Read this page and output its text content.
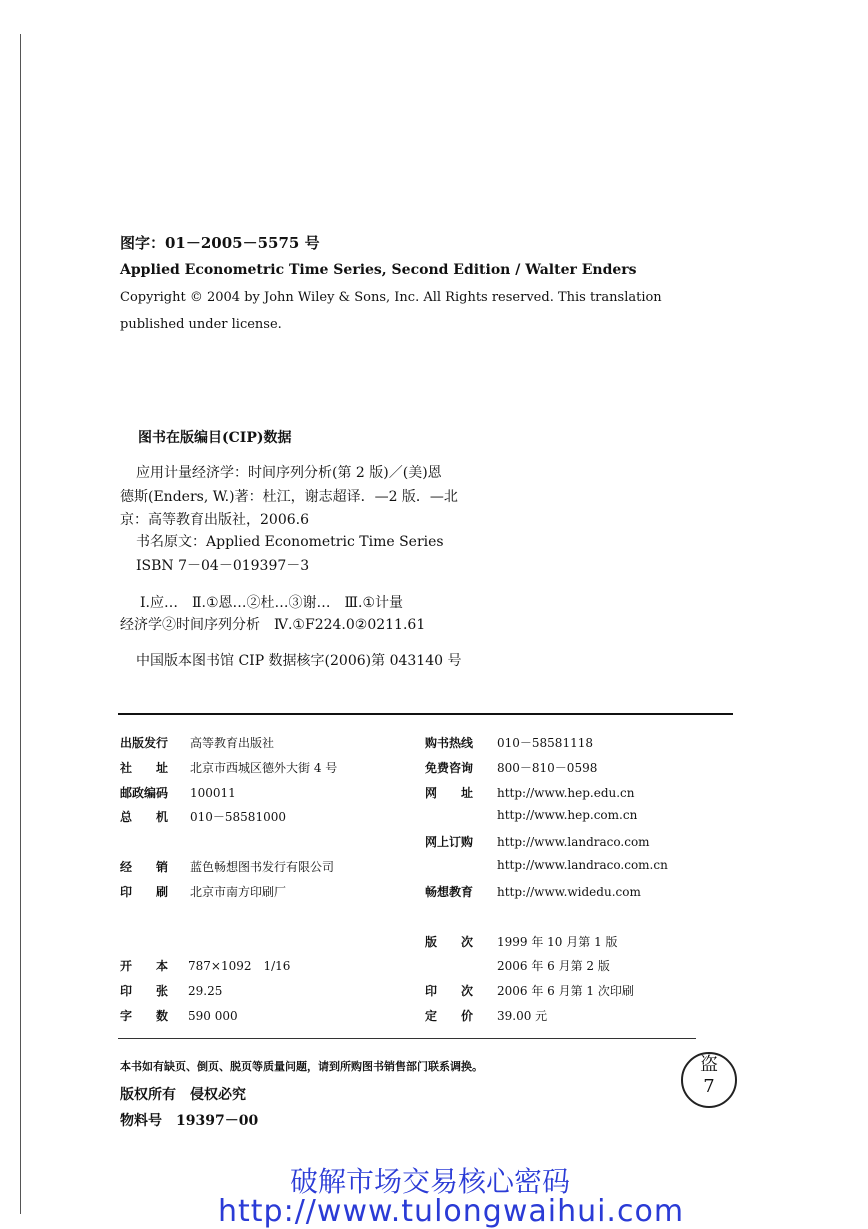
图字：01－2005－5575 号
Applied Econometric Time Series, Second Edition / Walter Enders
Copyright © 2004 by John Wiley & Sons, Inc. All Rights reserved. This translation
published under license.
图书在版编目(CIP)数据
应用计量经济学：时间序列分析(第 2 版)／(美)恩
德斯(Enders, W.)著：杜江，谢志超译．—2 版．—北
京：高等教育出版社，2006.6
书名原文：Applied Econometric Time Series
ISBN 7－04－019397－3
Ⅰ.应…　Ⅱ.①恩…②杜…③谢…　Ⅲ.①计量
经济学②时间序列分析　Ⅳ.①F224.0②0211.61
中国版本图书馆 CIP 数据核字(2006)第 043140 号
出版发行 高等教育出版社
社　　址 北京市西城区德外大街 4 号
邮政编码 100011
总　　机 010－58581000
经　　销 蓝色畅想图书发行有限公司
印　　刷 北京市南方印刷厂
开　　本 787×1092　1/16
印　　张 29.25
字　　数 590 000
购书热线 010－58581118
免费咨询 800－810－0598
网　　址 http://www.hep.edu.cn
http://www.hep.com.cn
网上订购 http://www.landraco.com
http://www.landraco.com.cn
畅想教育 http://www.widedu.com
版　　次 1999 年 10 月第 1 版
2006 年 6 月第 2 版
印　　次 2006 年 6 月第 1 次印刷
定　　价 39.00 元
本书如有缺页、倒页、脱页等质量问题，请到所购图书销售部门联系调换。
版权所有　侵权必究
物料号　19397－00
盗
7
破解市场交易核心密码
http://www.tulongwaihui.com
